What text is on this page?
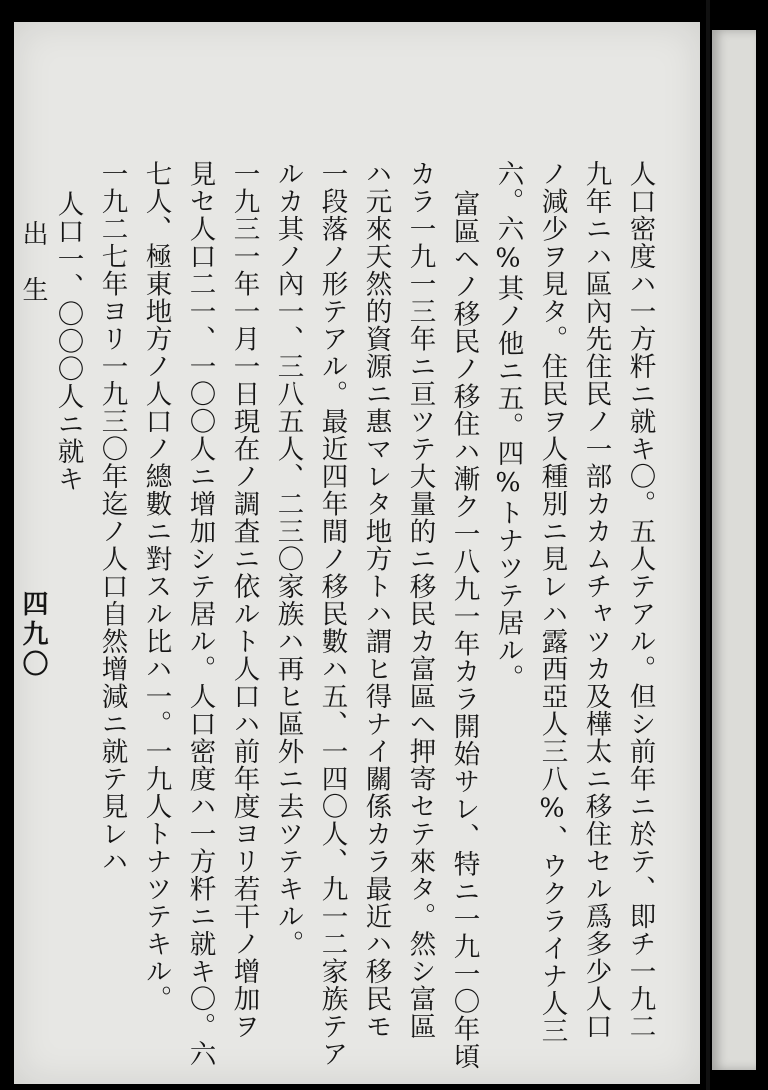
人口密度ハ一方粁ニ就キ〇。五人テアル。但シ前年ニ於テ、即チ一九二
九年ニハ區內先住民ノ一部カカムチャツカ及樺太ニ移住セル爲多少人口
ノ減少ヲ見タ。住民ヲ人種別ニ見レハ露西亞人三八%、ウクライナ人三
六。六%其ノ他ニ五。四%トナツテ居ル。
富區ヘノ移民ノ移住ハ漸ク一八九一年カラ開始サレ、特ニ一九一〇年頃
カラ一九一三年ニ亘ツテ大量的ニ移民カ富區ヘ押寄セテ來タ。然シ富區
ハ元來天然的資源ニ惠マレタ地方トハ謂ヒ得ナイ關係カラ最近ハ移民モ
一段落ノ形テアル。最近四年間ノ移民數ハ五、一四〇人、九一二家族テア
ルカ其ノ內一、三八五人、二三〇家族ハ再ヒ區外ニ去ツテキル。
一九三一年一月一日現在ノ調査ニ依ルト人口ハ前年度ヨリ若干ノ增加ヲ
見セ人口二一、一〇〇人ニ增加シテ居ル。人口密度ハ一方粁ニ就キ〇。六
七人、極東地方ノ人口ノ總數ニ對スル比ハ一。一九人トナツテキル。
一九二七年ヨリ一九三〇年迄ノ人口自然增減ニ就テ見レハ
人口一、〇〇〇人ニ就キ
出生
四九〇
